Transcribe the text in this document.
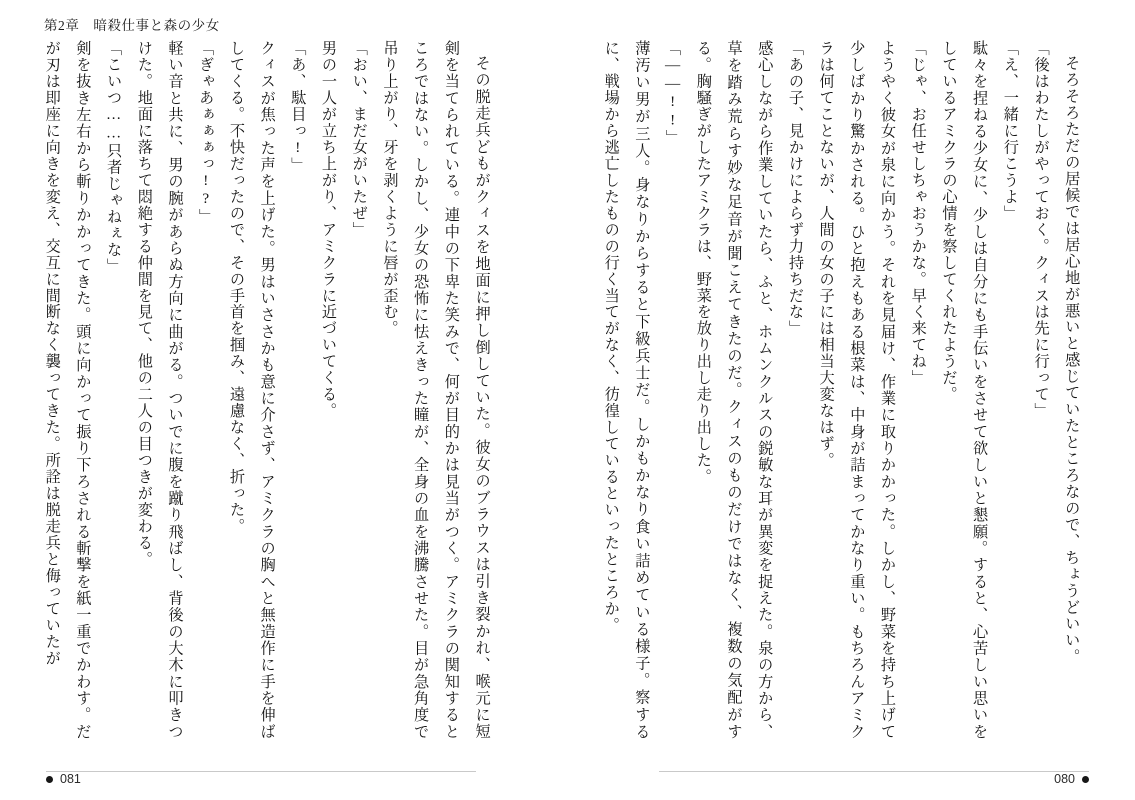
第2章　暗殺仕事と森の少女

その脱走兵どもがクィスを地面に押し倒していた。彼女のブラウスは引き裂かれ、喉元に短剣を当てられている。連中の下卑た笑みで、何が目的かは見当がつく。アミクラの関知するところではない。しかし、少女の恐怖に怯えきった瞳が、全身の血を沸騰させた。目が急角度で吊り上がり、牙を剥くように唇が歪む。

「おい、まだ女がいたぜ」

男の一人が立ち上がり、アミクラに近づいてくる。

「あ、駄目っ!」

クィスが焦った声を上げた。男はいささかも意に介さず、アミクラの胸へと無造作に手を伸ばしてくる。不快だったので、その手首を掴み、遠慮なく、折った。

「ぎゃあぁぁぁっ!?」

軽い音と共に、男の腕があらぬ方向に曲がる。ついでに腹を蹴り飛ばし、背後の大木に叩きつけた。地面に落ちて悶絶する仲間を見て、他の二人の目つきが変わる。

「こいつ……只者じゃねぇな」

剣を抜き左右から斬りかかってきた。頭に向かって振り下ろされる斬撃を紙一重でかわす。だが刃は即座に向きを変え、交互に間断なく襲ってきた。所詮は脱走兵と侮っていたが	そろそろただの居候では居心地が悪いと感じていたところなので、ちょうどいい。

「後はわたしがやっておく。クィスは先に行って」

「え、一緒に行こうよ」

駄々を捏ねる少女に、少しは自分にも手伝いをさせて欲しいと懇願。すると、心苦しい思いをしているアミクラの心情を察してくれたようだ。

「じゃ、お任せしちゃおうかな。早く来てね」

ようやく彼女が泉に向かう。それを見届け、作業に取りかかった。しかし、野菜を持ち上げて少しばかり驚かされる。ひと抱えもある根菜は、中身が詰まってかなり重い。もちろんアミクラは何てことないが、人間の女の子には相当大変なはず。

「あの子、見かけによらず力持ちだな」

感心しながら作業していたら、ふと、ホムンクルスの鋭敏な耳が異変を捉えた。泉の方から、草を踏み荒らす妙な足音が聞こえてきたのだ。クィスのものだけではなく、複数の気配がする。胸騒ぎがしたアミクラは、野菜を放り出し走り出した。

「――!!」

薄汚い男が三人。身なりからすると下級兵士だ。しかもかなり食い詰めている様子。察するに、戦場から逃亡したものの行く当てがなく、彷徨しているといったところか。

081	080
